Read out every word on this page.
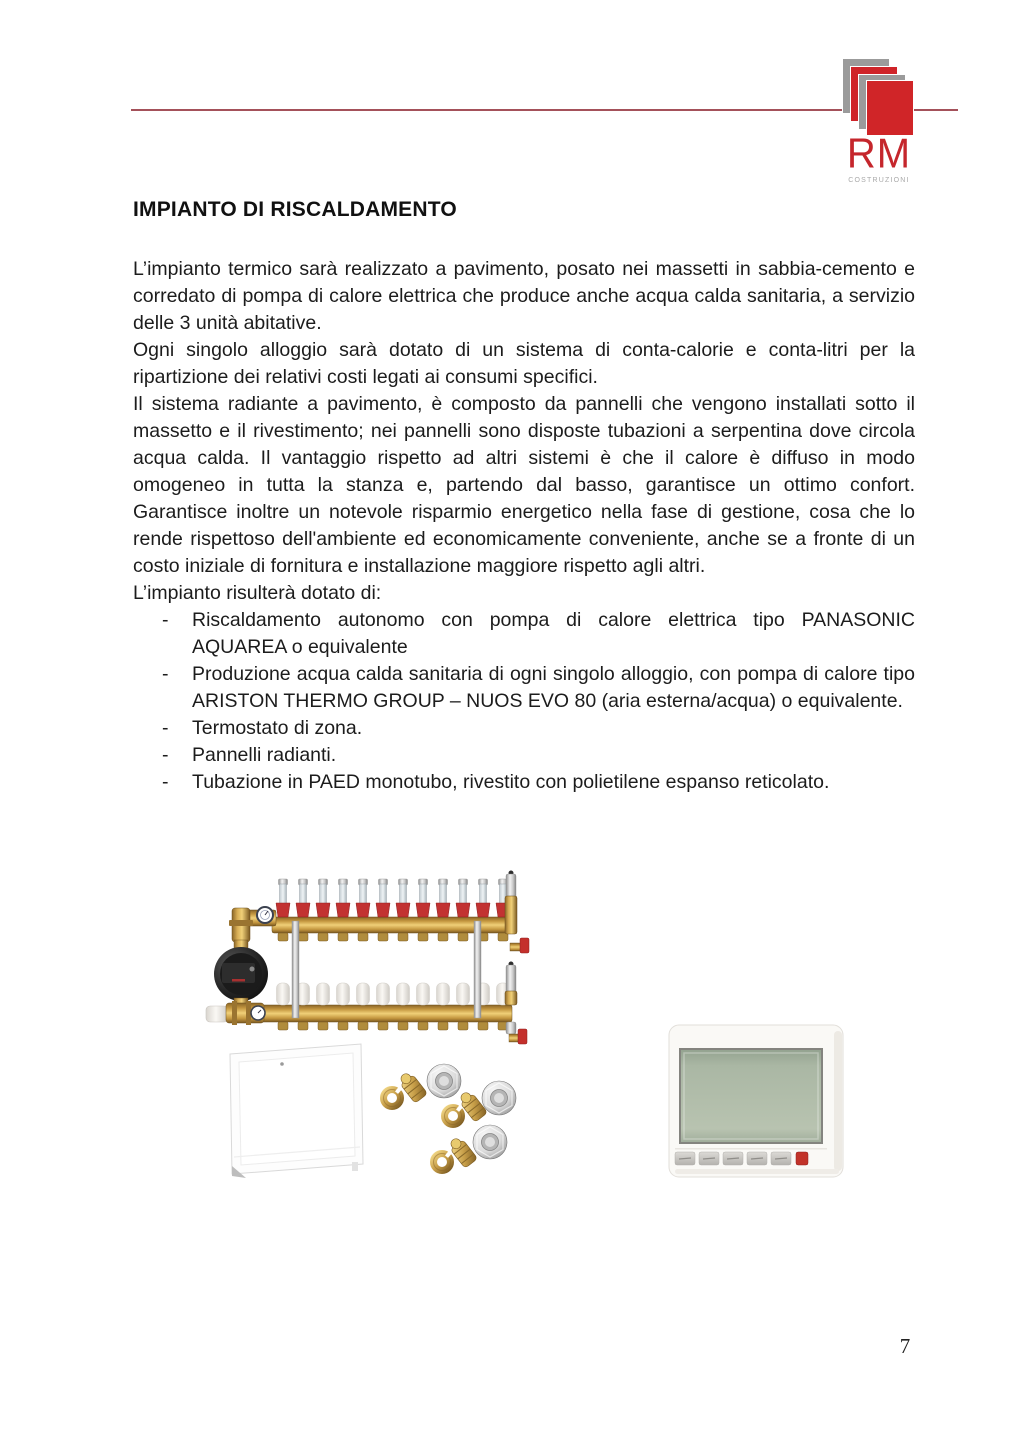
RM
COSTRUZIONI
IMPIANTO DI RISCALDAMENTO

L’impianto termico sarà realizzato a pavimento, posato nei massetti in sabbia-cemento e corredato di pompa di calore elettrica che produce anche acqua calda sanitaria, a servizio delle 3 unità abitative.

Ogni singolo alloggio sarà dotato di un sistema di conta-calorie e conta-litri per la ripartizione dei relativi costi legati ai consumi specifici.

Il sistema radiante a pavimento, è composto da pannelli che vengono installati sotto il massetto e il rivestimento; nei pannelli sono disposte tubazioni a serpentina dove circola acqua calda. Il vantaggio rispetto ad altri sistemi è che il calore è diffuso in modo omogeneo in tutta la stanza e, partendo dal basso, garantisce un ottimo confort. Garantisce inoltre un notevole risparmio energetico nella fase di gestione, cosa che lo rende rispettoso dell'ambiente ed economicamente conveniente, anche se a fronte di un costo iniziale di fornitura e installazione maggiore rispetto agli altri.

L’impianto risulterà dotato di:

- Riscaldamento autonomo con pompa di calore elettrica tipo PANASONIC AQUAREA o equivalente
- Produzione acqua calda sanitaria di ogni singolo alloggio, con pompa di calore tipo ARISTON THERMO GROUP – NUOS EVO 80 (aria esterna/acqua) o equivalente.
- Termostato di zona.
- Pannelli radianti.
- Tubazione in PAED monotubo, rivestito con polietilene espanso reticolato.
7
